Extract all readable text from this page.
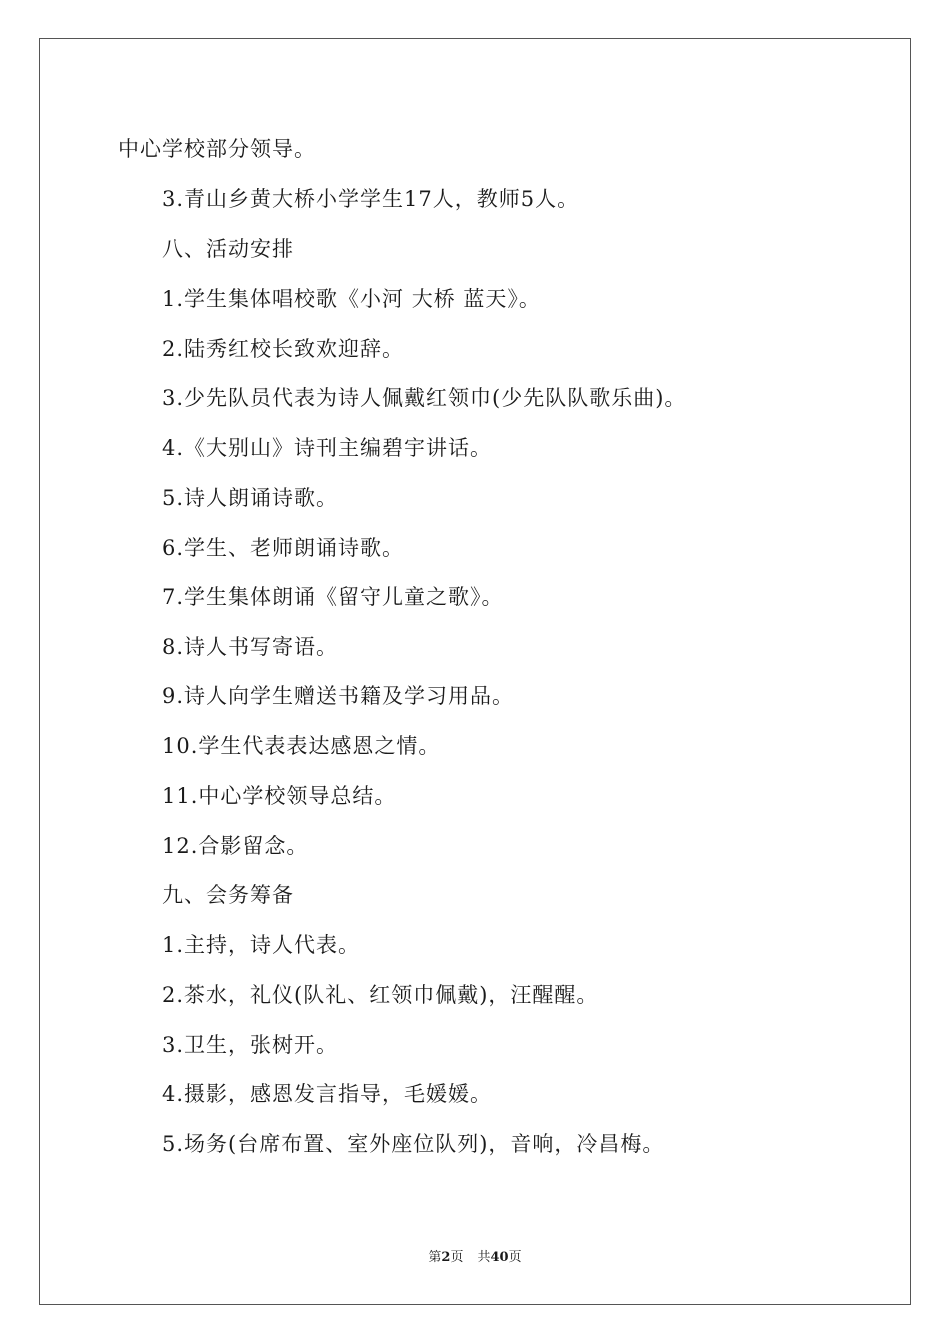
中心学校部分领导。
3.青山乡黄大桥小学学生17人，教师5人。
八、活动安排
1.学生集体唱校歌《小河 大桥 蓝天》。
2.陆秀红校长致欢迎辞。
3.少先队员代表为诗人佩戴红领巾(少先队队歌乐曲)。
4.《大别山》诗刊主编碧宇讲话。
5.诗人朗诵诗歌。
6.学生、老师朗诵诗歌。
7.学生集体朗诵《留守儿童之歌》。
8.诗人书写寄语。
9.诗人向学生赠送书籍及学习用品。
10.学生代表表达感恩之情。
11.中心学校领导总结。
12.合影留念。
九、会务筹备
1.主持，诗人代表。
2.茶水，礼仪(队礼、红领巾佩戴)，汪醒醒。
3.卫生，张树开。
4.摄影，感恩发言指导，毛媛媛。
5.场务(台席布置、室外座位队列)，音响，冷昌梅。
第2页 共40页
